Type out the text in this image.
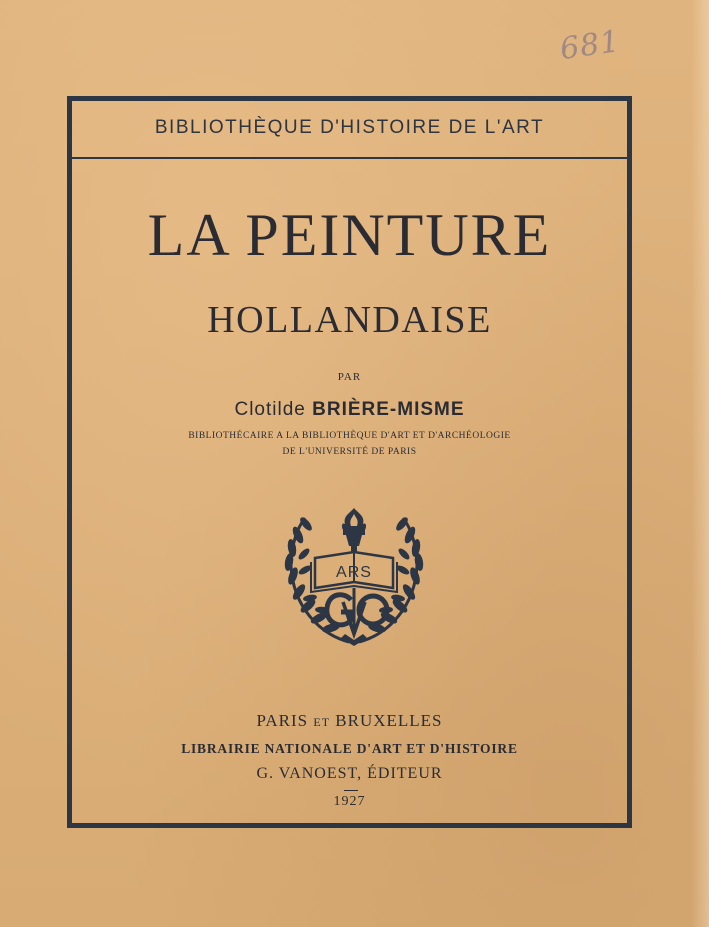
681
BIBLIOTHÈQUE D'HISTOIRE DE L'ART
LA PEINTURE
HOLLANDAISE
PAR
Clotilde BRIÈRE-MISME
BIBLIOTHÉCAIRE A LA BIBLIOTHÈQUE D'ART ET D'ARCHÉOLOGIE
DE L'UNIVERSITÉ DE PARIS
ARS
PARIS ET BRUXELLES
LIBRAIRIE NATIONALE D'ART ET D'HISTOIRE
G. VANOEST, ÉDITEUR
1927
